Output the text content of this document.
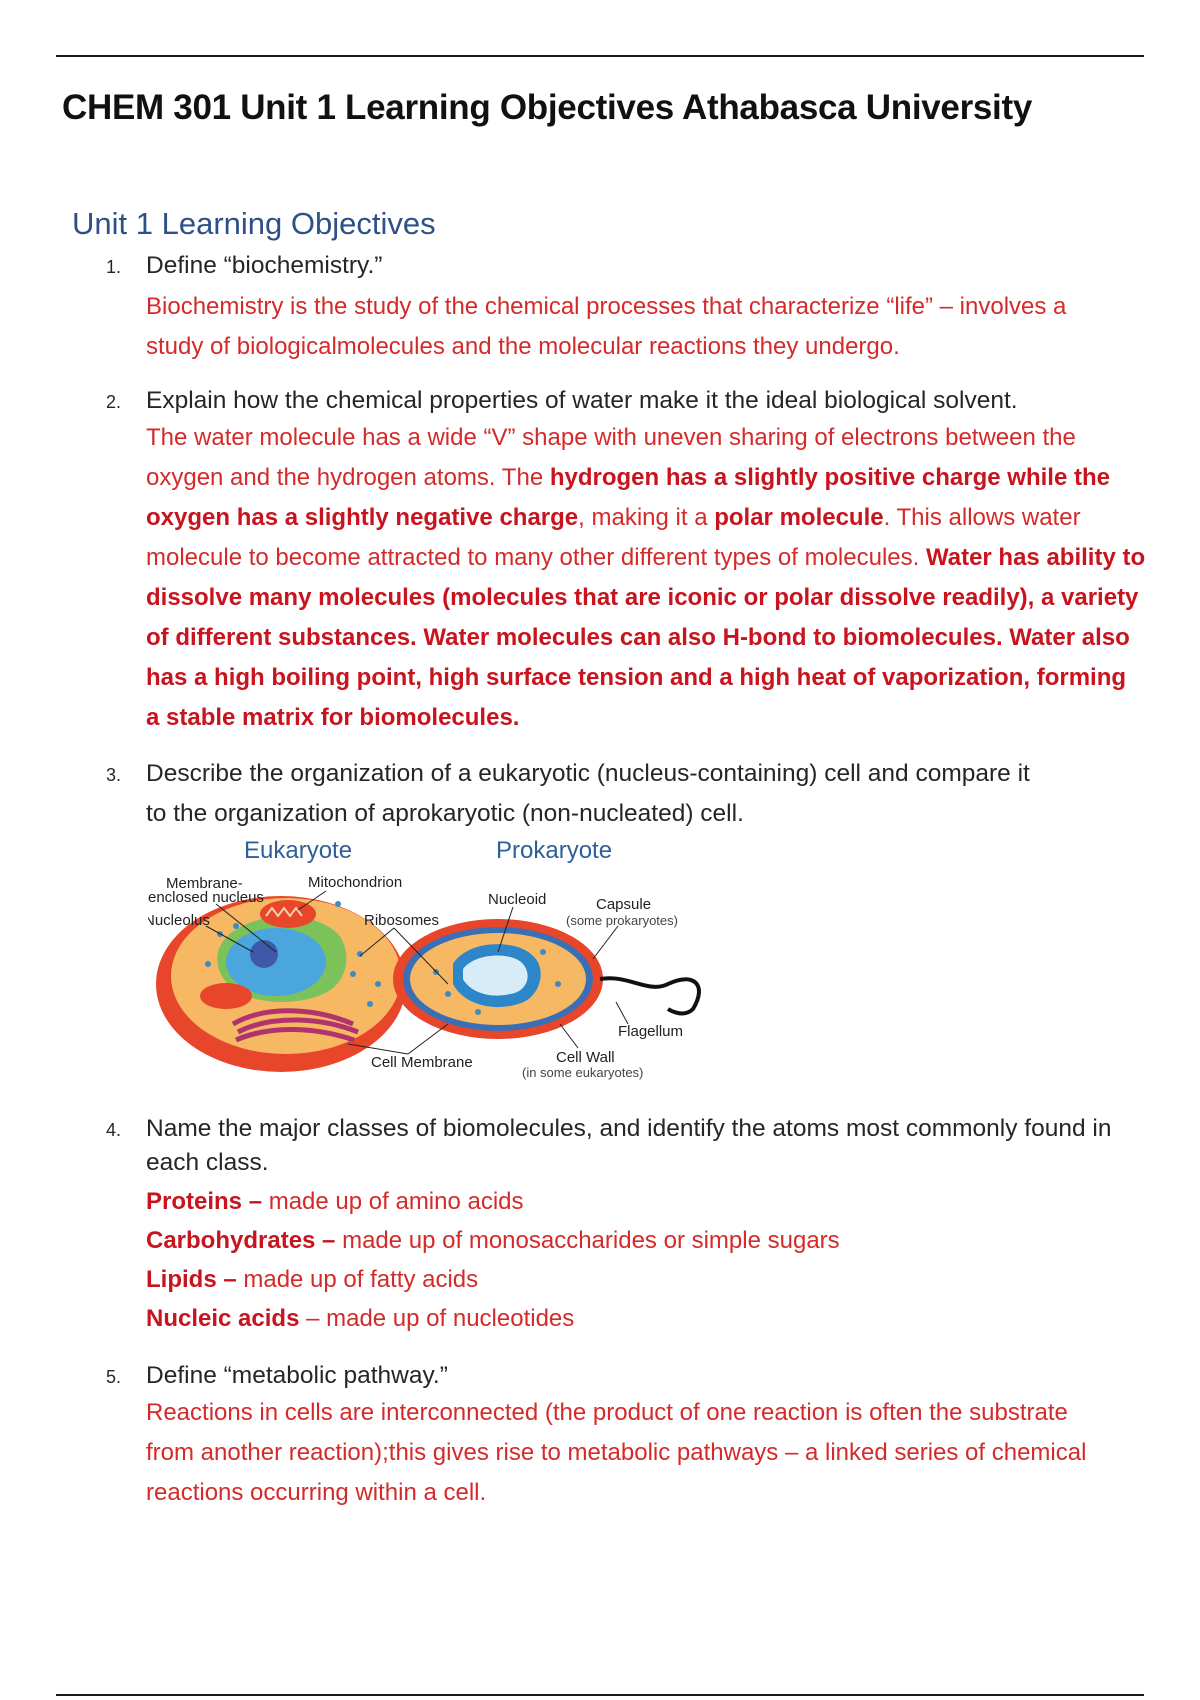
CHEM 301 Unit 1 Learning Objectives Athabasca University
Unit 1 Learning Objectives
1.	Define “biochemistry.”
Biochemistry is the study of the chemical processes that characterize “life” – involves a
study of biologicalmolecules and the molecular reactions they undergo.
2.	Explain how the chemical properties of water make it the ideal biological solvent.
The water molecule has a wide “V” shape with uneven sharing of electrons between the oxygen and the hydrogen atoms. The hydrogen has a slightly positive charge while the oxygen has a slightly negative charge, making it a polar molecule. This allows water molecule to become attracted to many other different types of molecules. Water has ability to dissolve many molecules (molecules that are iconic or polar dissolve readily), a variety of different substances. Water molecules can also H-bond to biomolecules. Water also has a high boiling point, high surface tension and a high heat of vaporization, forming a stable matrix for biomolecules.
3.	Describe the organization of a eukaryotic (nucleus-containing) cell and compare it
to the organization of aprokaryotic (non-nucleated) cell.
Eukaryote	Prokaryote
Membrane-
enclosed nucleus
Mitochondrion
Nucleolus	Ribosomes
Nucleoid	Capsule
(some prokaryotes)
Flagellum
Cell Membrane	Cell Wall
(in some eukaryotes)
4.	Name the major classes of biomolecules, and identify the atoms most commonly found in
each class.
Proteins – made up of amino acids
Carbohydrates – made up of monosaccharides or simple sugars
Lipids – made up of fatty acids
Nucleic acids – made up of nucleotides
5.	Define “metabolic pathway.”
Reactions in cells are interconnected (the product of one reaction is often the substrate
from another reaction);this gives rise to metabolic pathways – a linked series of chemical
reactions occurring within a cell.
